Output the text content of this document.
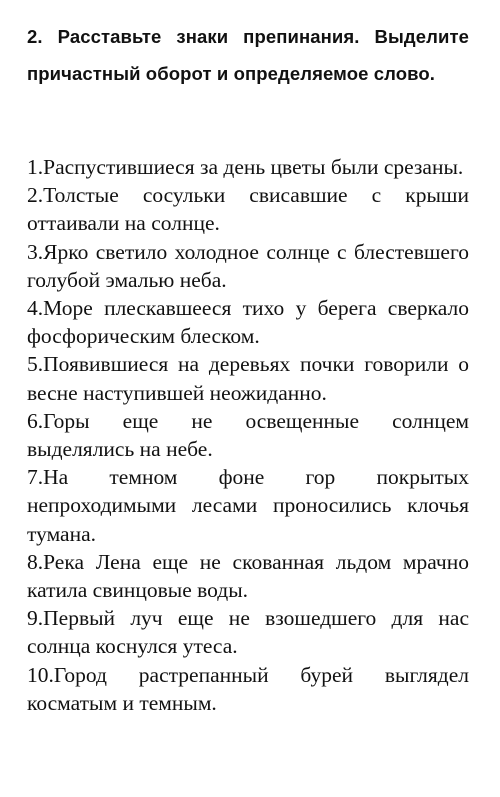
2. Расставьте знаки препинания. Выделите причастный оборот и определяемое слово.

1.Распустившиеся за день цветы были срезаны.

2.Толстые сосульки свисавшие с крыши оттаивали на солнце.

3.Ярко светило холодное солнце с блестевшего голубой эмалью неба.

4.Море плескавшееся тихо у берега сверкало фосфорическим блеском.

5.Появившиеся на деревьях почки говорили о весне наступившей неожиданно.

6.Горы еще не освещенные солнцем выделялись на небе.

7.На темном фоне гор покрытых непроходимыми лесами проносились клочья тумана.

8.Река Лена еще не скованная льдом мрачно катила свинцовые воды.

9.Первый луч еще не взошедшего для нас солнца коснулся утеса.

10.Город растрепанный бурей выглядел косматым и темным.
